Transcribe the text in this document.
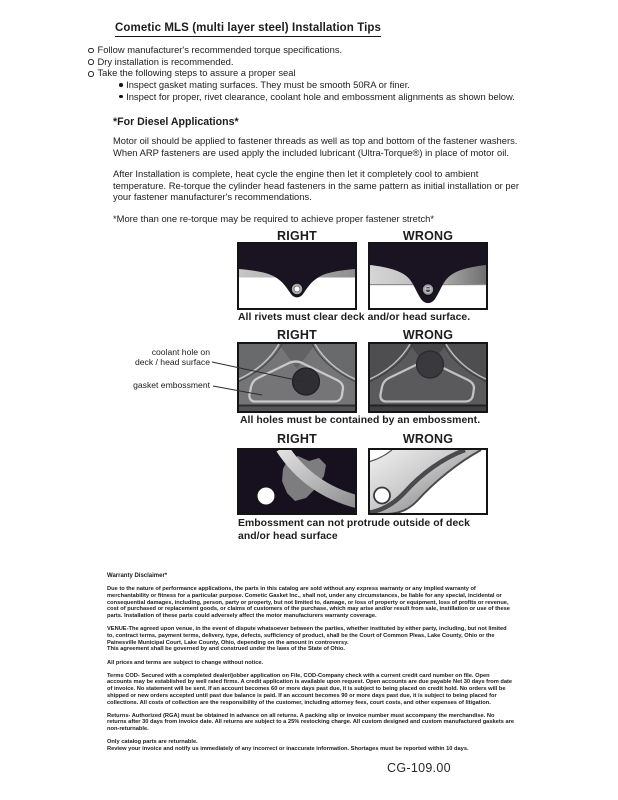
Cometic MLS (multi layer steel) Installation Tips
Follow manufacturer's recommended torque specifications.
Dry installation is recommended.
Take the following steps to assure a proper seal
Inspect gasket mating surfaces. They must be smooth 50RA or finer.
Inspect for proper, rivet clearance, coolant hole and embossment alignments as shown below.
*For Diesel Applications*

Motor oil should be applied to fastener threads as well as top and bottom of the fastener washers. When ARP fasteners are used apply the included lubricant (Ultra-Torque®) in place of motor oil.

After Installation is complete, heat cycle the engine then let it completely cool to ambient temperature. Re-torque the cylinder head fasteners in the same pattern as initial installation or per your fastener manufacturer's recommendations.

*More than one re-torque may be required to achieve proper fastener stretch*

RIGHT	WRONG
All rivets must clear deck and/or head surface.
RIGHT	WRONG
coolant hole on
deck / head surface
gasket embossment
All holes must be contained by an embossment.
RIGHT	WRONG
Embossment can not protrude outside of deck
and/or head surface
Warranty Disclaimer*

Due to the nature of performance applications, the parts in this catalog are sold without any express warranty or any implied warranty of merchantability or fitness for a particular purpose. Cometic Gasket Inc., shall not, under any circumstances, be liable for any special, incidental or consequential damages, including, person, party or property, but not limited to, damage, or loss of property or equipment, loss of profits or revenue, cost of purchased or replacement goods, or claims of customers of the purchase, which may arise and/or result from sale, instillation or use of these parts. Installation of these parts could adversely affect the motor manufacturers warranty coverage.

VENUE-The agreed upon venue, in the event of dispute whatsoever between the parties, whether instituted by either party, including, but not limited to, contract terms, payment terms, delivery, type, defects, sufficiency of product, shall be the Court of Common Pleas, Lake County, Ohio or the Painesville Municipal Court, Lake County, Ohio, depending on the amount in controversy.

This agreement shall be governed by and construed under the laws of the State of Ohio.

All prices and terms are subject to change without notice.

Terms COD- Secured with a completed dealer/jobber application on File, COD-Company check with a current credit card number on file. Open accounts may be established by well rated firms. A credit application is available upon request. Open accounts are due payable Net 30 days from date of invoice. No statement will be sent. If an account becomes 60 or more days past due, it is subject to being placed on credit hold. No orders will be shipped or new orders accepted until past due balance is paid. If an account becomes 90 or more days past due, it is subject to being placed for collections. All costs of collection are the responsibility of the customer, including attorney fees, court costs, and other expenses of litigation.

Returns- Authorized (RGA) must be obtained in advance on all returns. A packing slip or invoice number must accompany the merchandise. No returns after 30 days from invoice date. All returns are subject to a 25% restocking charge. All custom designed and custom manufactured gaskets are non-returnable.

Only catalog parts are returnable.

Review your invoice and notify us immediately of any incorrect or inaccurate information. Shortages must be reported within 10 days.

CG-109.00
